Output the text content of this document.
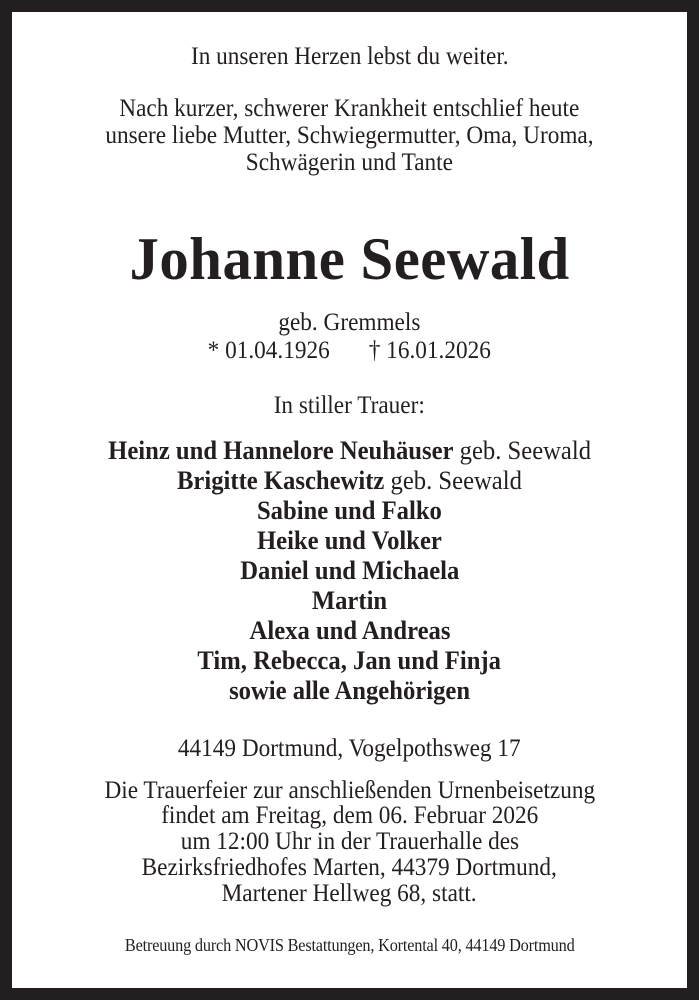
In unseren Herzen lebst du weiter.
Nach kurzer, schwerer Krankheit entschlief heute
unsere liebe Mutter, Schwiegermutter, Oma, Uroma,
Schwägerin und Tante
Johanne Seewald
geb. Gremmels
* 01.04.1926 † 16.01.2026
In stiller Trauer:
Heinz und Hannelore Neuhäuser geb. Seewald
Brigitte Kaschewitz geb. Seewald
Sabine und Falko
Heike und Volker
Daniel und Michaela
Martin
Alexa und Andreas
Tim, Rebecca, Jan und Finja
sowie alle Angehörigen
44149 Dortmund, Vogelpothsweg 17
Die Trauerfeier zur anschließenden Urnenbeisetzung
findet am Freitag, dem 06. Februar 2026
um 12:00 Uhr in der Trauerhalle des
Bezirksfriedhofes Marten, 44379 Dortmund,
Martener Hellweg 68, statt.
Betreuung durch NOVIS Bestattungen, Kortental 40, 44149 Dortmund
